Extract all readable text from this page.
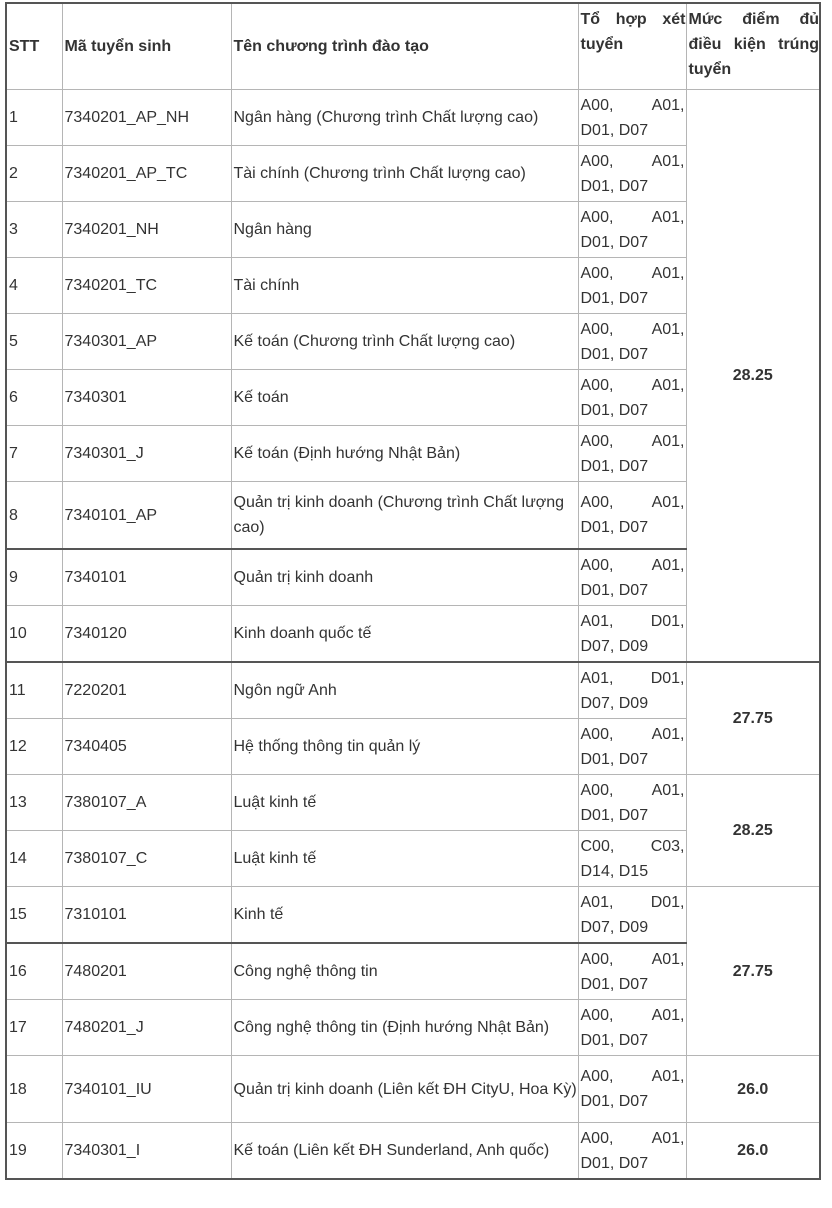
STT	Mã tuyển sinh	Tên chương trình đào tạo	Tổ hợp xét tuyển	Mức điểm đủ điều kiện trúng tuyển
1	7340201_AP_NH	Ngân hàng (Chương trình Chất lượng cao)	A00, A01, D01, D07	28.25
2	7340201_AP_TC	Tài chính (Chương trình Chất lượng cao)	A00, A01, D01, D07	
3	7340201_NH	Ngân hàng	A00, A01, D01, D07	
4	7340201_TC	Tài chính	A00, A01, D01, D07	
5	7340301_AP	Kế toán (Chương trình Chất lượng cao)	A00, A01, D01, D07	
6	7340301	Kế toán	A00, A01, D01, D07	
7	7340301_J	Kế toán (Định hướng Nhật Bản)	A00, A01, D01, D07	
8	7340101_AP	Quản trị kinh doanh (Chương trình Chất lượng cao)	A00, A01, D01, D07	
9	7340101	Quản trị kinh doanh	A00, A01, D01, D07	
10	7340120	Kinh doanh quốc tế	A01, D01, D07, D09	
11	7220201	Ngôn ngữ Anh	A01, D01, D07, D09	27.75
12	7340405	Hệ thống thông tin quản lý	A00, A01, D01, D07	
13	7380107_A	Luật kinh tế	A00, A01, D01, D07	28.25
14	7380107_C	Luật kinh tế	C00, C03, D14, D15	
15	7310101	Kinh tế	A01, D01, D07, D09	27.75
16	7480201	Công nghệ thông tin	A00, A01, D01, D07	
17	7480201_J	Công nghệ thông tin (Định hướng Nhật Bản)	A00, A01, D01, D07	
18	7340101_IU	Quản trị kinh doanh (Liên kết ĐH CityU, Hoa Kỳ)	A00, A01, D01, D07	26.0
19	7340301_I	Kế toán (Liên kết ĐH Sunderland, Anh quốc)	A00, A01, D01, D07	26.0
